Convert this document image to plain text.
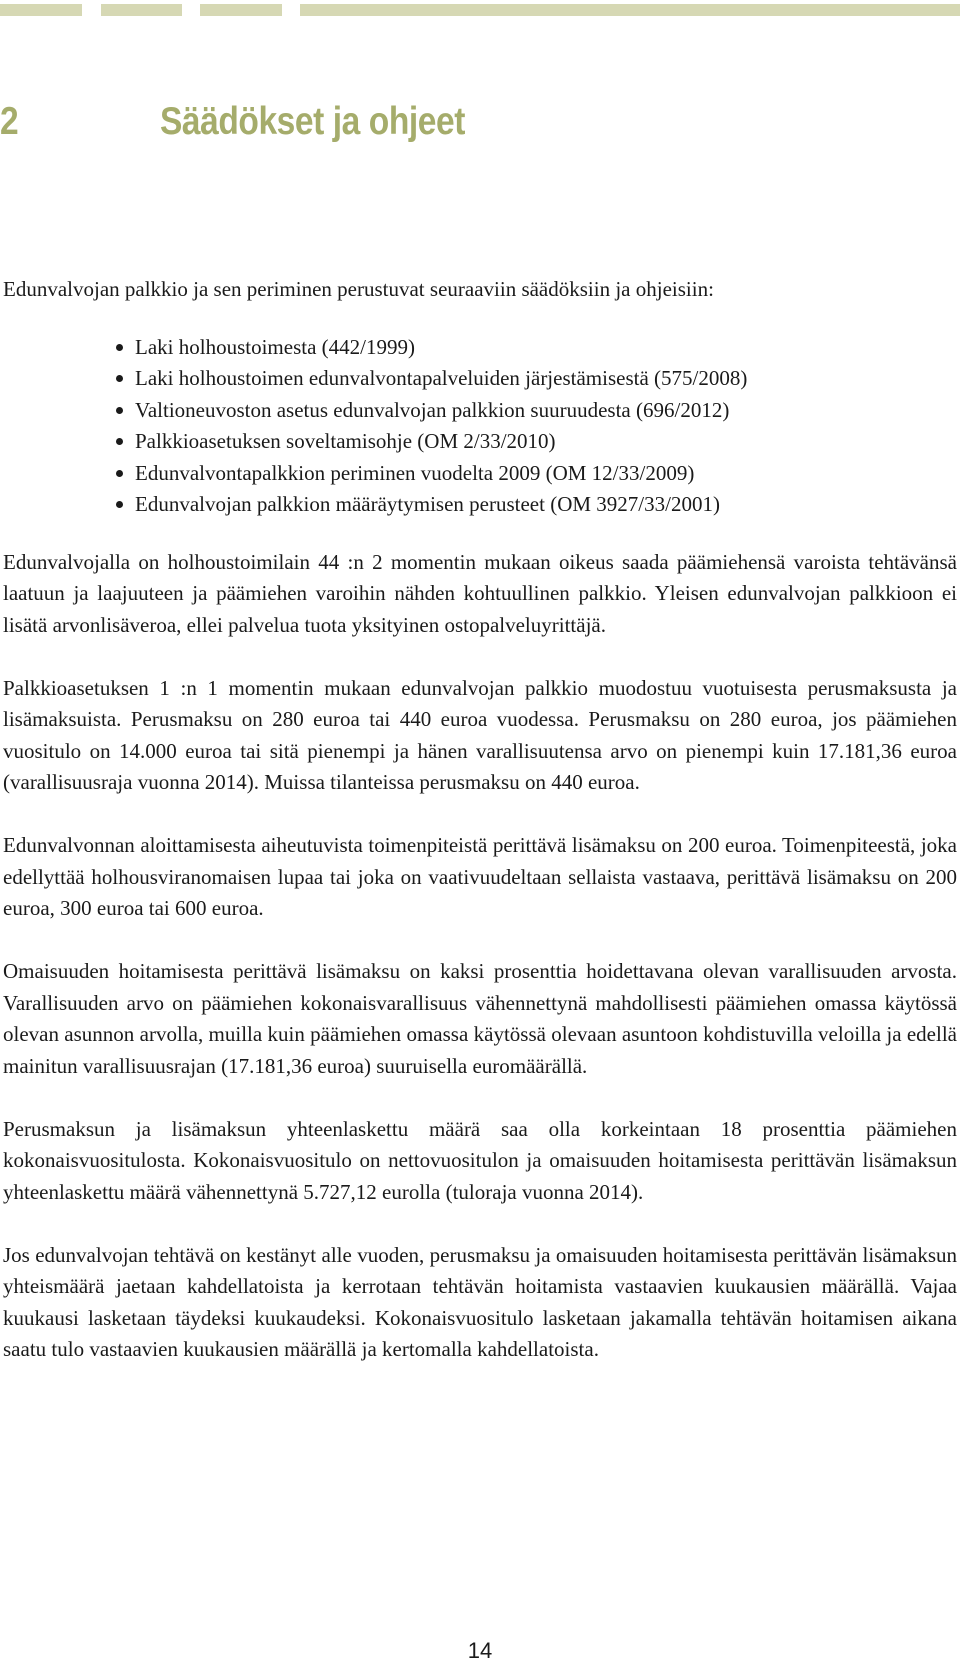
2	Säädökset ja ohjeet

Edunvalvojan palkkio ja sen periminen perustuvat seuraaviin säädöksiin ja ohjeisiin:

Laki holhoustoimesta (442/1999)
Laki holhoustoimen edunvalvontapalveluiden järjestämisestä (575/2008)
Valtioneuvoston asetus edunvalvojan palkkion suuruudesta (696/2012)
Palkkioasetuksen soveltamisohje (OM 2/33/2010)
Edunvalvontapalkkion periminen vuodelta 2009 (OM 12/33/2009)
Edunvalvojan palkkion määräytymisen perusteet (OM 3927/33/2001)

Edunvalvojalla on holhoustoimilain 44 :n 2 momentin mukaan oikeus saada päämiehensä varoista tehtävänsä laatuun ja laajuuteen ja päämiehen varoihin nähden kohtuullinen palkkio. Yleisen edunvalvojan palkkioon ei lisätä arvonlisäveroa, ellei palvelua tuota yksityinen ostopalveluyrittäjä.

Palkkioasetuksen 1 :n 1 momentin mukaan edunvalvojan palkkio muodostuu vuotuisesta perusmaksusta ja lisämaksuista. Perusmaksu on 280 euroa tai 440 euroa vuodessa. Perusmaksu on 280 euroa, jos päämiehen vuositulo on 14.000 euroa tai sitä pienempi ja hänen varallisuutensa arvo on pienempi kuin 17.181,36 euroa (varallisuusraja vuonna 2014). Muissa tilanteissa perusmaksu on 440 euroa.

Edunvalvonnan aloittamisesta aiheutuvista toimenpiteistä perittävä lisämaksu on 200 euroa. Toimenpiteestä, joka edellyttää holhousviranomaisen lupaa tai joka on vaativuudeltaan sellaista vastaava, perittävä lisämaksu on 200 euroa, 300 euroa tai 600 euroa.

Omaisuuden hoitamisesta perittävä lisämaksu on kaksi prosenttia hoidettavana olevan varallisuuden arvosta. Varallisuuden arvo on päämiehen kokonaisvarallisuus vähennettynä mahdollisesti päämiehen omassa käytössä olevan asunnon arvolla, muilla kuin päämiehen omassa käytössä olevaan asuntoon kohdistuvilla veloilla ja edellä mainitun varallisuusrajan (17.181,36 euroa) suuruisella euromäärällä.

Perusmaksun ja lisämaksun yhteenlaskettu määrä saa olla korkeintaan 18 prosenttia päämiehen kokonaisvuositulosta. Kokonaisvuositulo on nettovuositulon ja omaisuuden hoitamisesta perittävän lisämaksun yhteenlaskettu määrä vähennettynä 5.727,12 eurolla (tuloraja vuonna 2014).

Jos edunvalvojan tehtävä on kestänyt alle vuoden, perusmaksu ja omaisuuden hoitamisesta perittävän lisämaksun yhteismäärä jaetaan kahdellatoista ja kerrotaan tehtävän hoitamista vastaavien kuukausien määrällä. Vajaa kuukausi lasketaan täydeksi kuukaudeksi. Kokonaisvuositulo lasketaan jakamalla tehtävän hoitamisen aikana saatu tulo vastaavien kuukausien määrällä ja kertomalla kahdellatoista.

14
